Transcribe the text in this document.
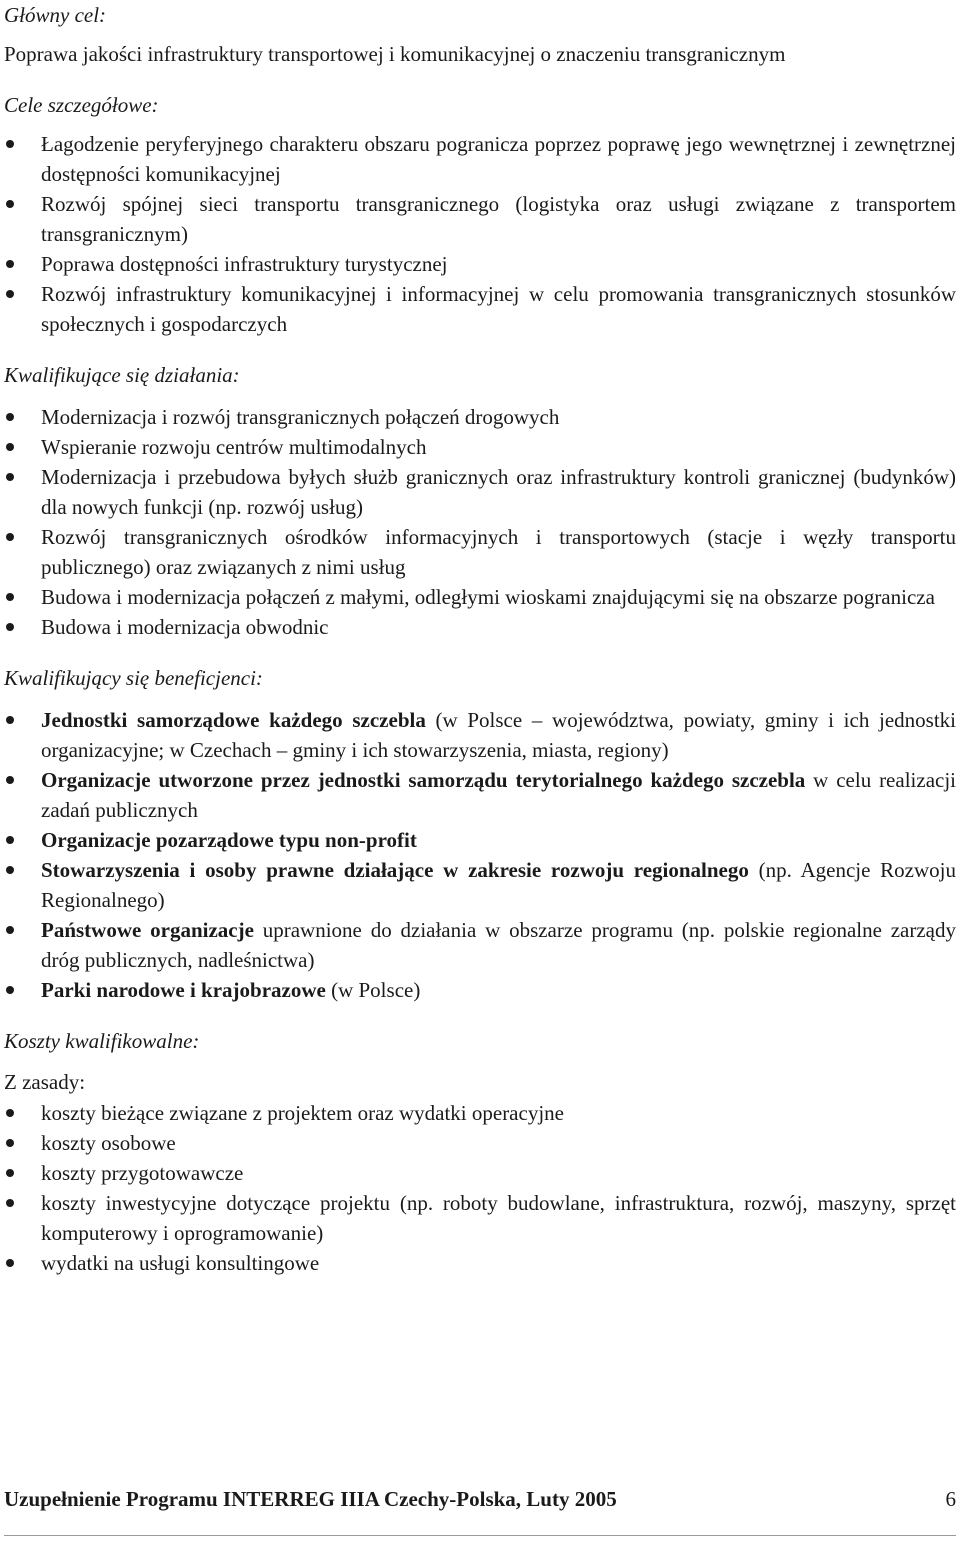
Główny cel:

Poprawa jakości infrastruktury transportowej i komunikacyjnej o znaczeniu transgranicznym

Cele szczegółowe:
Łagodzenie peryferyjnego charakteru obszaru pogranicza poprzez poprawę jego wewnętrznej i zewnętrznej dostępności komunikacyjnej
Rozwój spójnej sieci transportu transgranicznego (logistyka oraz usługi związane z transportem transgranicznym)
Poprawa dostępności infrastruktury turystycznej
Rozwój infrastruktury komunikacyjnej i informacyjnej w celu promowania transgranicznych stosunków społecznych i gospodarczych
Kwalifikujące się działania:
Modernizacja i rozwój transgranicznych połączeń drogowych
Wspieranie rozwoju centrów multimodalnych
Modernizacja i przebudowa byłych służb granicznych oraz infrastruktury kontroli granicznej (budynków) dla nowych funkcji (np. rozwój usług)
Rozwój transgranicznych ośrodków informacyjnych i transportowych (stacje i węzły transportu publicznego) oraz związanych z nimi usług
Budowa i modernizacja połączeń z małymi, odległymi wioskami znajdującymi się na obszarze pogranicza
Budowa i modernizacja obwodnic
Kwalifikujący się beneficjenci:
Jednostki samorządowe każdego szczebla (w Polsce – województwa, powiaty, gminy i ich jednostki organizacyjne; w Czechach – gminy i ich stowarzyszenia, miasta, regiony)
Organizacje utworzone przez jednostki samorządu terytorialnego każdego szczebla w celu realizacji zadań publicznych
Organizacje pozarządowe typu non-profit
Stowarzyszenia i osoby prawne działające w zakresie rozwoju regionalnego (np. Agencje Rozwoju Regionalnego)
Państwowe organizacje uprawnione do działania w obszarze programu (np. polskie regionalne zarządy dróg publicznych, nadleśnictwa)
Parki narodowe i krajobrazowe (w Polsce)
Koszty kwalifikowalne:

Z zasady:

koszty bieżące związane z projektem oraz wydatki operacyjne
koszty osobowe
koszty przygotowawcze
koszty inwestycyjne dotyczące projektu (np. roboty budowlane, infrastruktura, rozwój, maszyny, sprzęt komputerowy i oprogramowanie)
wydatki na usługi konsultingowe
Uzupełnienie Programu INTERREG IIIA Czechy-Polska, Luty 2005	6
